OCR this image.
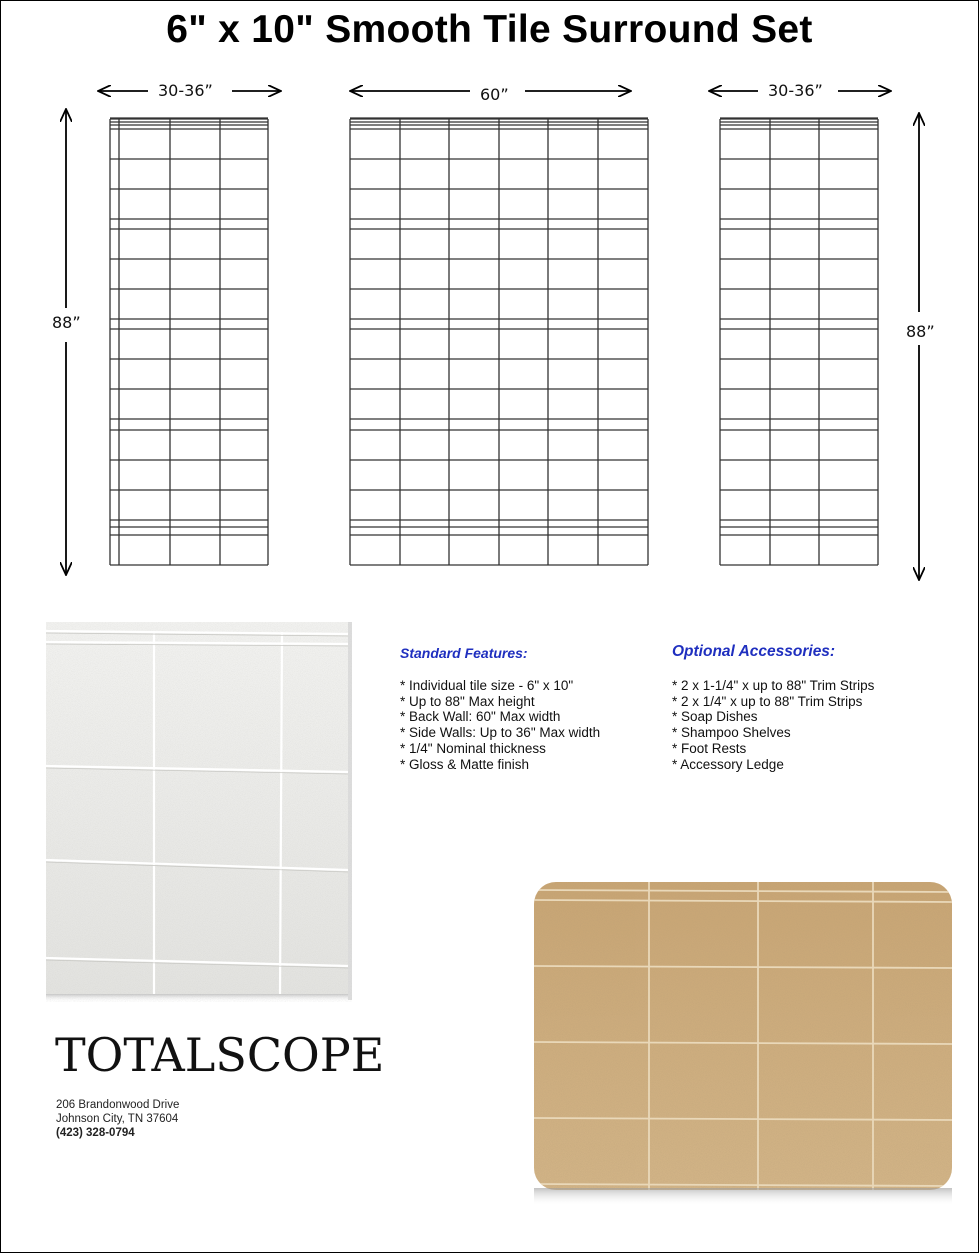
6" x 10" Smooth Tile Surround Set
30-36”	60”	30-36”
88”	88”
Standard Features:
* Individual tile size - 6" x 10"
* Up to 88" Max height
* Back Wall: 60" Max width
* Side Walls: Up to 36" Max width
* 1/4" Nominal thickness
* Gloss & Matte finish
Optional Accessories:
* 2 x 1-1/4" x up to 88" Trim Strips
* 2 x 1/4" x up to 88" Trim Strips
* Soap Dishes
* Shampoo Shelves
* Foot Rests
* Accessory Ledge
TOTALSCOPE
206 Brandonwood Drive
Johnson City, TN 37604
(423) 328-0794
